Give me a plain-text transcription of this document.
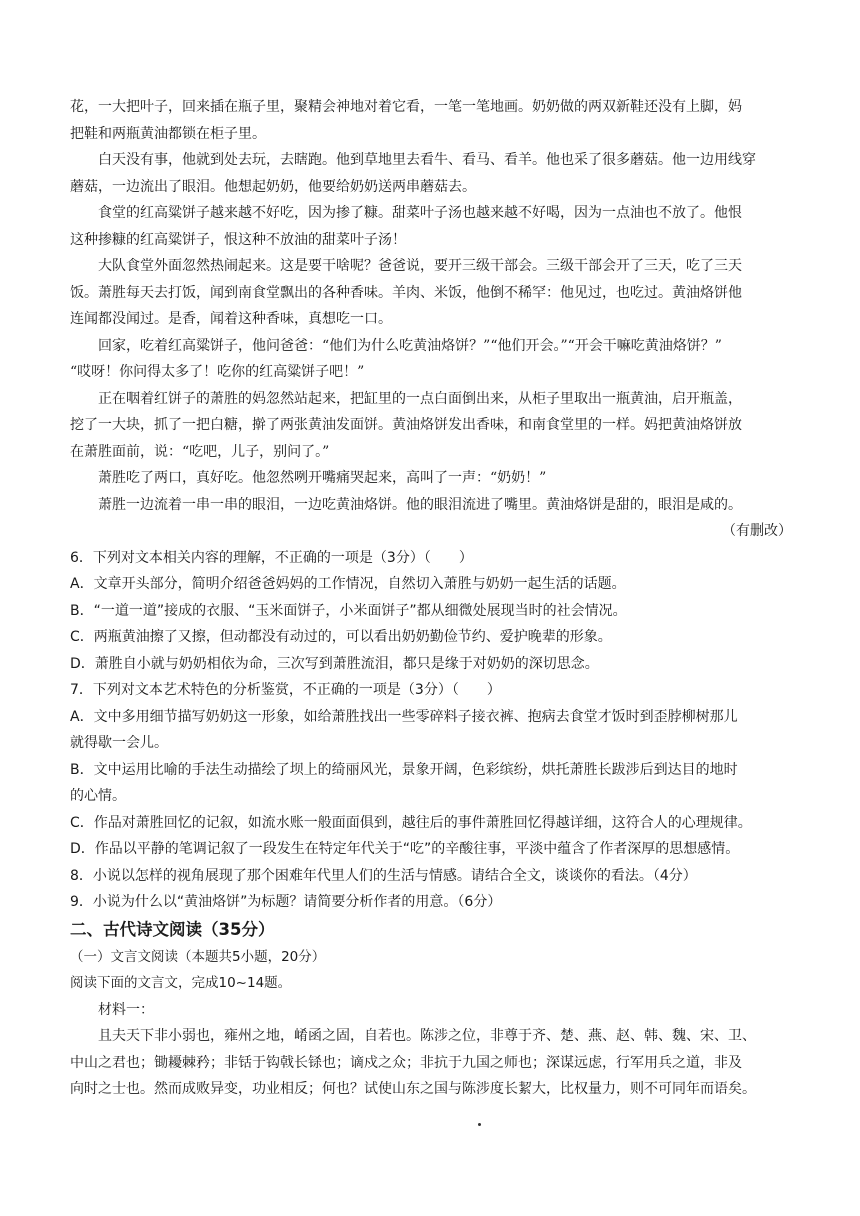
花，一大把叶子，回来插在瓶子里，聚精会神地对着它看，一笔一笔地画。奶奶做的两双新鞋还没有上脚，妈
把鞋和两瓶黄油都锁在柜子里。
白天没有事，他就到处去玩，去瞎跑。他到草地里去看牛、看马、看羊。他也采了很多蘑菇。他一边用线穿
蘑菇，一边流出了眼泪。他想起奶奶，他要给奶奶送两串蘑菇去。
食堂的红高粱饼子越来越不好吃，因为掺了糠。甜菜叶子汤也越来越不好喝，因为一点油也不放了。他恨
这种掺糠的红高粱饼子，恨这种不放油的甜菜叶子汤！
大队食堂外面忽然热闹起来。这是要干啥呢？爸爸说，要开三级干部会。三级干部会开了三天，吃了三天
饭。萧胜每天去打饭，闻到南食堂飘出的各种香味。羊肉、米饭，他倒不稀罕：他见过，也吃过。黄油烙饼他
连闻都没闻过。是香，闻着这种香味，真想吃一口。
回家，吃着红高粱饼子，他问爸爸：“他们为什么吃黄油烙饼？”“他们开会。”“开会干嘛吃黄油烙饼？”
“哎呀！你问得太多了！吃你的红高粱饼子吧！”
正在咽着红饼子的萧胜的妈忽然站起来，把缸里的一点白面倒出来，从柜子里取出一瓶黄油，启开瓶盖，
挖了一大块，抓了一把白糖，擀了两张黄油发面饼。黄油烙饼发出香味，和南食堂里的一样。妈把黄油烙饼放
在萧胜面前，说：“吃吧，儿子，别问了。”
萧胜吃了两口，真好吃。他忽然咧开嘴痛哭起来，高叫了一声：“奶奶！”
萧胜一边流着一串一串的眼泪，一边吃黄油烙饼。他的眼泪流进了嘴里。黄油烙饼是甜的，眼泪是咸的。
（有删改）
6．下列对文本相关内容的理解，不正确的一项是（3分）（　　）
A．文章开头部分，简明介绍爸爸妈妈的工作情况，自然切入萧胜与奶奶一起生活的话题。
B．“一道一道”接成的衣服、“玉米面饼子，小米面饼子”都从细微处展现当时的社会情况。
C．两瓶黄油擦了又擦，但动都没有动过的，可以看出奶奶勤俭节约、爱护晚辈的形象。
D．萧胜自小就与奶奶相依为命，三次写到萧胜流泪，都只是缘于对奶奶的深切思念。
7．下列对文本艺术特色的分析鉴赏，不正确的一项是（3分）（　　）
A．文中多用细节描写奶奶这一形象，如给萧胜找出一些零碎料子接衣裤、抱病去食堂才饭时到歪脖柳树那儿
就得歇一会儿。
B．文中运用比喻的手法生动描绘了坝上的绮丽风光，景象开阔，色彩缤纷，烘托萧胜长跋涉后到达目的地时
的心情。
C．作品对萧胜回忆的记叙，如流水账一般面面俱到，越往后的事件萧胜回忆得越详细，这符合人的心理规律。
D．作品以平静的笔调记叙了一段发生在特定年代关于“吃”的辛酸往事，平淡中蕴含了作者深厚的思想感情。
8．小说以怎样的视角展现了那个困难年代里人们的生活与情感。请结合全文，谈谈你的看法。（4分）
9．小说为什么以“黄油烙饼”为标题？请简要分析作者的用意。（6分）
二、古代诗文阅读（35分）
（一）文言文阅读（本题共5小题，20分）
阅读下面的文言文，完成10~14题。
材料一：
且夫天下非小弱也，雍州之地，崤函之固，自若也。陈涉之位，非尊于齐、楚、燕、赵、韩、魏、宋、卫、
中山之君也；锄耰棘矜；非铦于钩戟长铩也；谪戍之众；非抗于九国之师也；深谋远虑，行军用兵之道，非及
向时之士也。然而成败异变，功业相反；何也？试使山东之国与陈涉度长絜大，比权量力，则不可同年而语矣。
